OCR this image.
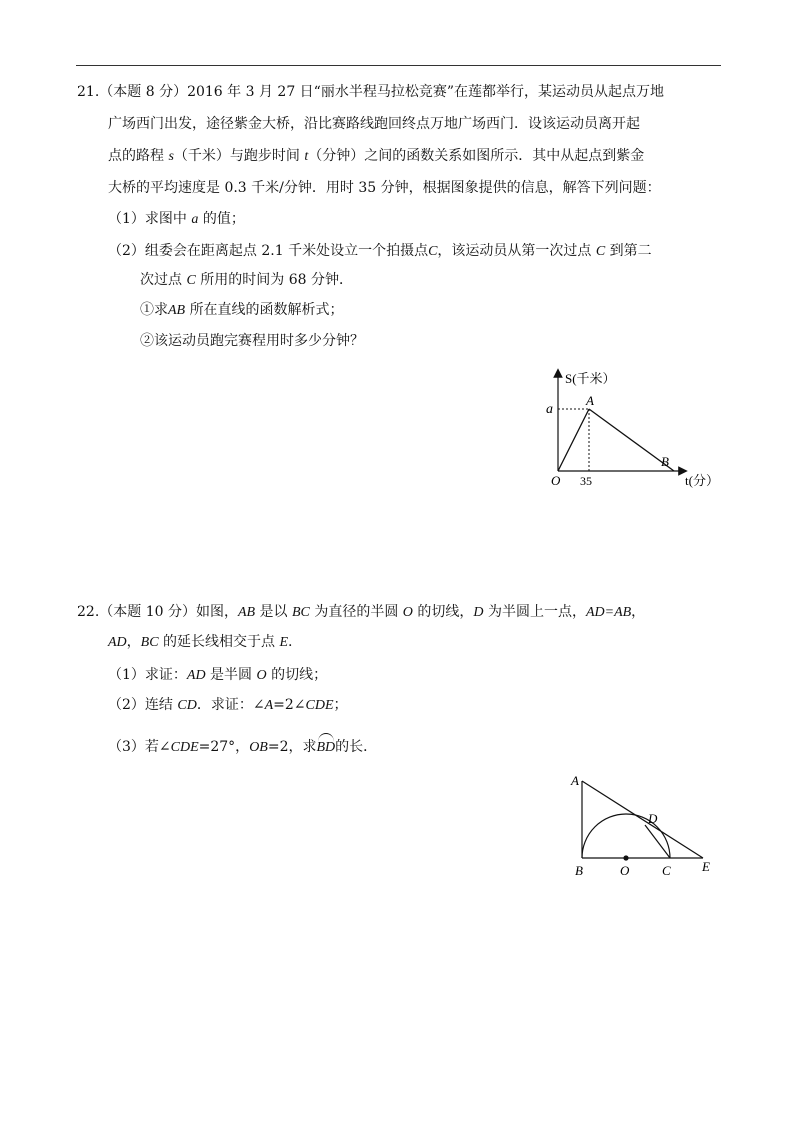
21.（本题 8 分）2016 年 3 月 27 日“丽水半程马拉松竞赛”在莲都举行，某运动员从起点万地
广场西门出发，途径紫金大桥，沿比赛路线跑回终点万地广场西门．设该运动员离开起
点的路程 s（千米）与跑步时间 t（分钟）之间的函数关系如图所示．其中从起点到紫金
大桥的平均速度是 0.3 千米/分钟．用时 35 分钟，根据图象提供的信息，解答下列问题：
（1）求图中 a 的值；
（2）组委会在距离起点 2.1 千米处设立一个拍摄点C，该运动员从第一次过点 C 到第二
次过点 C 所用的时间为 68 分钟．
①求AB 所在直线的函数解析式；
②该运动员跑完赛程用时多少分钟？
S(千米）
t(分）
a
35
O
A
B
22.（本题 10 分）如图，AB 是以 BC 为直径的半圆 O 的切线，D 为半圆上一点，AD=AB，
AD，BC 的延长线相交于点 E.
（1）求证：AD 是半圆 O 的切线；
（2）连结 CD．求证：∠A=2∠CDE；
（3）若∠CDE=27°，OB=2，求BD的长．
A
B	O	C
D
E
